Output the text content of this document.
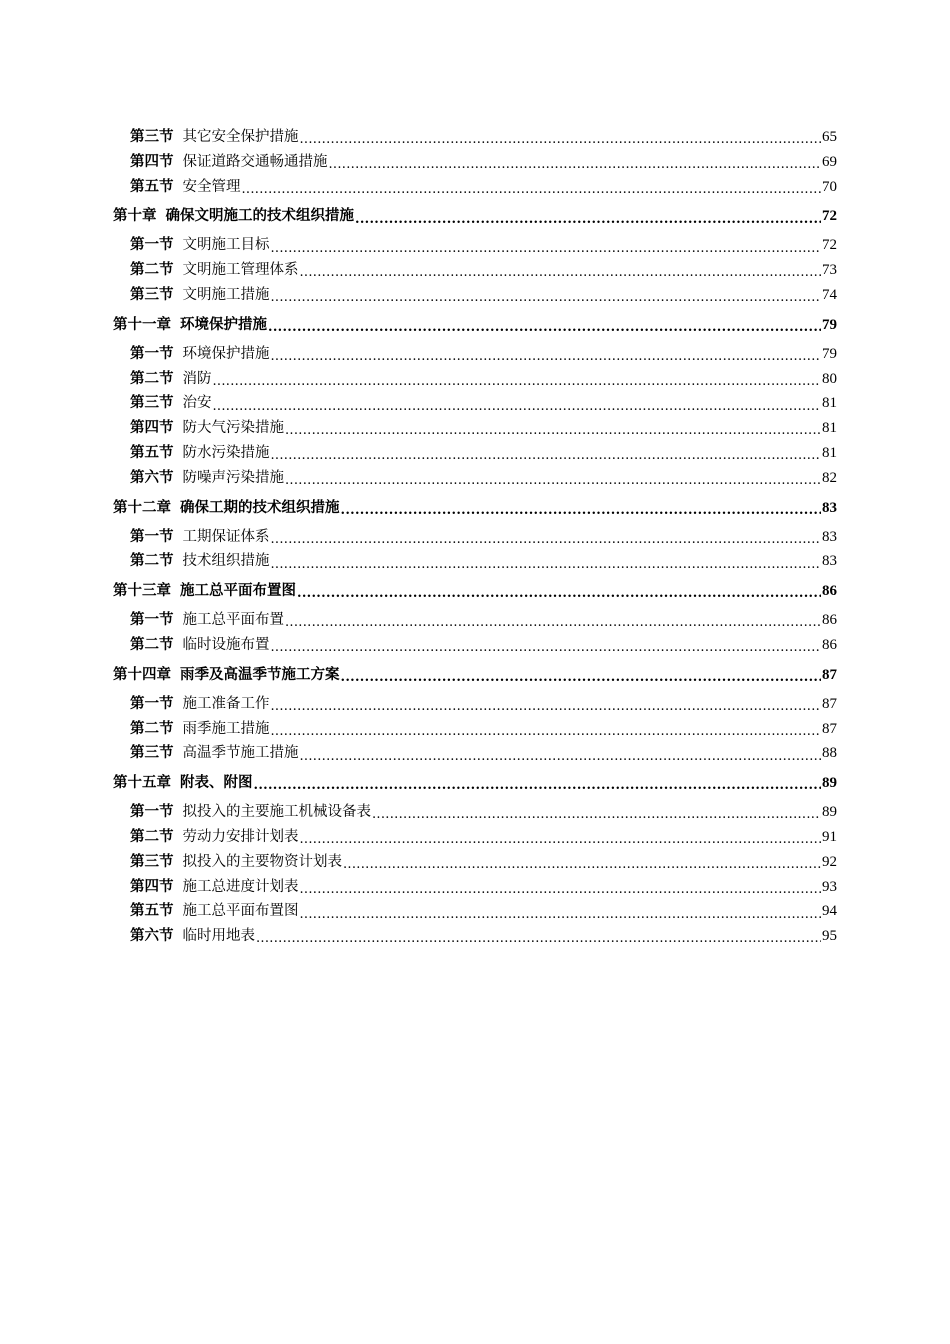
第三节 其它安全保护措施 .....	65
第四节 保证道路交通畅通措施 .....	69
第五节 安全管理 .....	70
第十章 确保文明施工的技术组织措施 .....	72
第一节 文明施工目标 .....	72
第二节 文明施工管理体系 .....	73
第三节 文明施工措施 .....	74
第十一章 环境保护措施 .....	79
第一节 环境保护措施 .....	79
第二节 消防 .....	80
第三节 治安 .....	81
第四节 防大气污染措施 .....	81
第五节 防水污染措施 .....	81
第六节 防噪声污染措施 .....	82
第十二章 确保工期的技术组织措施 .....	83
第一节 工期保证体系 .....	83
第二节 技术组织措施 .....	83
第十三章 施工总平面布置图 .....	86
第一节 施工总平面布置 .....	86
第二节 临时设施布置 .....	86
第十四章 雨季及高温季节施工方案 .....	87
第一节 施工准备工作 .....	87
第二节 雨季施工措施 .....	87
第三节 高温季节施工措施 .....	88
第十五章 附表、附图 .....	89
第一节 拟投入的主要施工机械设备表 .....	89
第二节 劳动力安排计划表 .....	91
第三节 拟投入的主要物资计划表 .....	92
第四节 施工总进度计划表 .....	93
第五节 施工总平面布置图 .....	94
第六节 临时用地表 .....	95
